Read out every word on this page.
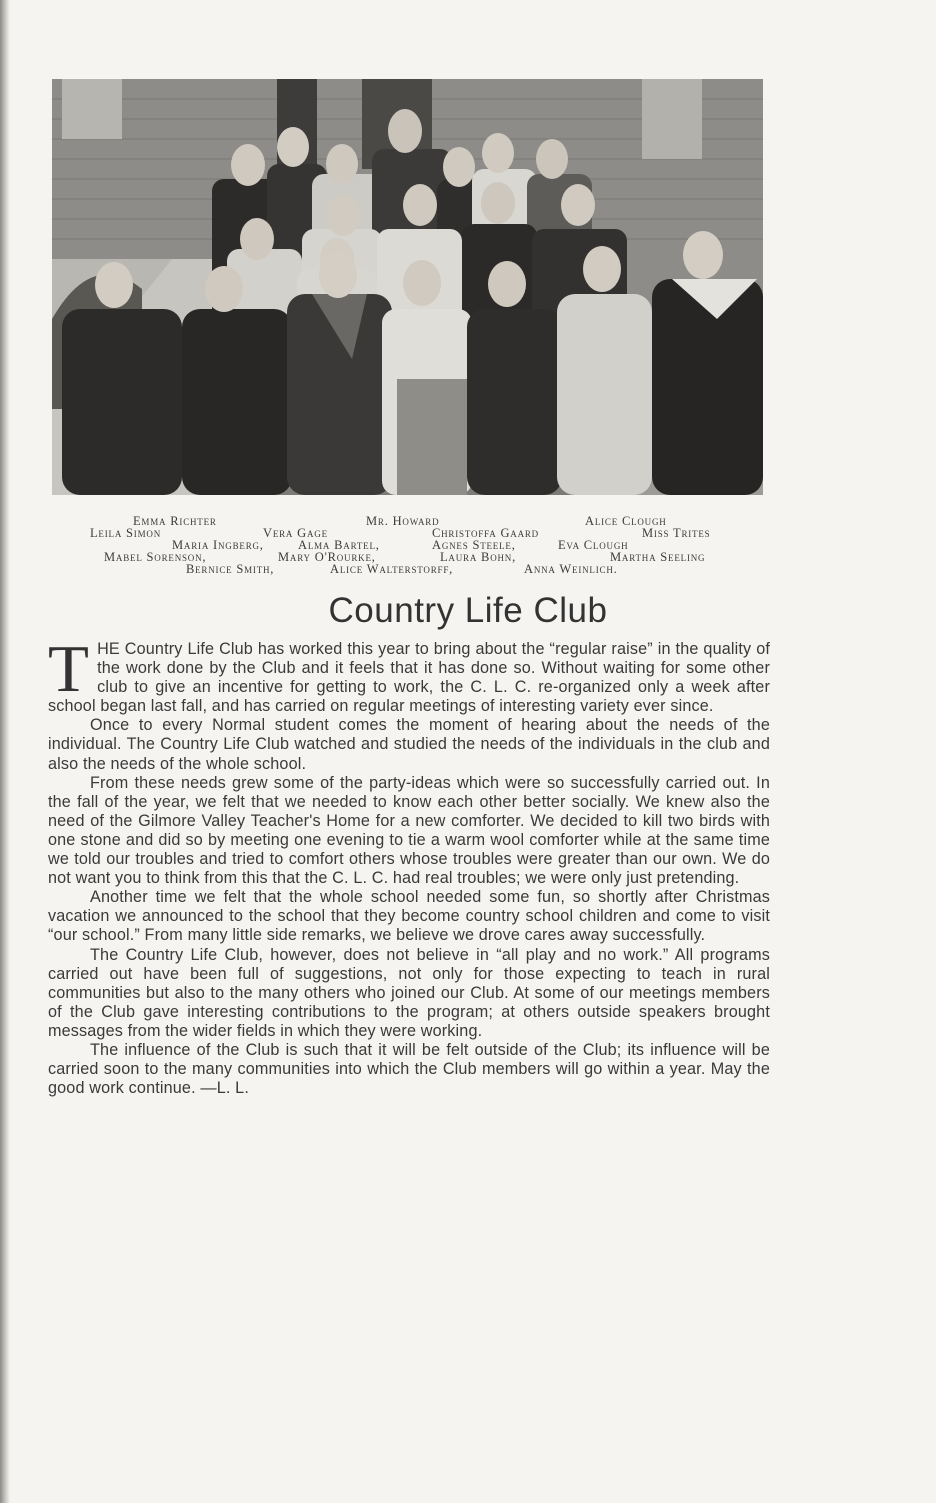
Emma Richter	Mr. Howard	Alice Clough
Leila Simon	Vera Gage	Christoffa Gaard	Miss Trites
Maria Ingberg,	Alma Bartel,	Agnes Steele,	Eva Clough
Mabel Sorenson,	Mary O'Rourke,	Laura Bohn,	Martha Seeling
Bernice Smith,	Alice Walterstorff,	Anna Weinlich.
Country Life Club

THE Country Life Club has worked this year to bring about the “regular raise” in the quality of the work done by the Club and it feels that it has done so. Without waiting for some other club to give an incentive for getting to work, the C. L. C. re-organized only a week after school began last fall, and has carried on regular meetings of interesting variety ever since.

Once to every Normal student comes the moment of hearing about the needs of the individual. The Country Life Club watched and studied the needs of the individuals in the club and also the needs of the whole school.

From these needs grew some of the party-ideas which were so successfully carried out. In the fall of the year, we felt that we needed to know each other better socially. We knew also the need of the Gilmore Valley Teacher's Home for a new comforter. We decided to kill two birds with one stone and did so by meeting one evening to tie a warm wool comforter while at the same time we told our troubles and tried to comfort others whose troubles were greater than our own. We do not want you to think from this that the C. L. C. had real troubles; we were only just pretending.

Another time we felt that the whole school needed some fun, so shortly after Christmas vacation we announced to the school that they become country school children and come to visit “our school.” From many little side remarks, we believe we drove cares away successfully.

The Country Life Club, however, does not believe in “all play and no work.” All programs carried out have been full of suggestions, not only for those expecting to teach in rural communities but also to the many others who joined our Club. At some of our meetings members of the Club gave interesting contributions to the program; at others outside speakers brought messages from the wider fields in which they were working.

The influence of the Club is such that it will be felt outside of the Club; its influence will be carried soon to the many communities into which the Club members will go within a year. May the good work continue. —L. L.
